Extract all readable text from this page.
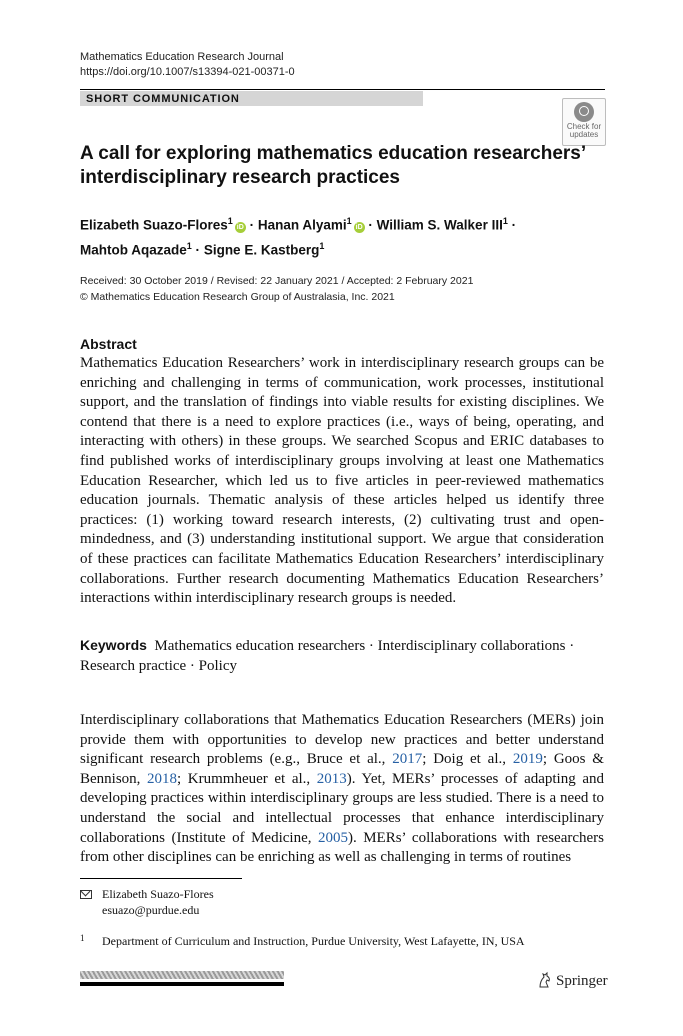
Mathematics Education Research Journal
https://doi.org/10.1007/s13394-021-00371-0
SHORT COMMUNICATION
Check for
updates
A call for exploring mathematics education researchers’
interdisciplinary research practices
Elizabeth Suazo-Flores$^1$iD · Hanan Alyami$^1$iD · William S. Walker $III^1$ ·
Mahtob Aqazade$^1$ · Signe E. Kastberg$^1$
Received: 30 October 2019 / Revised: 22 January 2021 / Accepted: 2 February 2021
© Mathematics Education Research Group of Australasia, Inc. 2021
Abstract
Mathematics Education Researchers’ work in interdisciplinary research groups can be enriching and challenging in terms of communication, work processes, institutional support, and the translation of findings into viable results for existing disciplines. We contend that there is a need to explore practices (i.e., ways of being, operating, and interacting with others) in these groups. We searched Scopus and ERIC databases to find published works of interdisciplinary groups involving at least one Mathematics Education Researcher, which led us to five articles in peer-reviewed mathematics education journals. Thematic analysis of these articles helped us identify three practices: (1) working toward research interests, (2) cultivating trust and open-mindedness, and (3) understanding institutional support. We argue that consideration of these practices can facilitate Mathematics Education Researchers’ interdisciplinary collaborations. Further research documenting Mathematics Education Researchers’ interactions within interdisciplinary research groups is needed.
Keywords Mathematics education researchers · Interdisciplinary collaborations · Research practice · Policy
Interdisciplinary collaborations that Mathematics Education Researchers (MERs) join provide them with opportunities to develop new practices and better understand significant research problems (e.g., Bruce et al., 2017; Doig et al., 2019; Goos & Bennison, 2018; Krummheuer et al., 2013). Yet, MERs’ processes of adapting and developing practices within interdisciplinary groups are less studied. There is a need to understand the social and intellectual processes that enhance interdisciplinary collaborations (Institute of Medicine, 2005). MERs’ collaborations with researchers from other disciplines can be enriching as well as challenging in terms of routines
Elizabeth Suazo-Flores
esuazo@purdue.edu
1 Department of Curriculum and Instruction, Purdue University, West Lafayette, IN, USA
Springer
